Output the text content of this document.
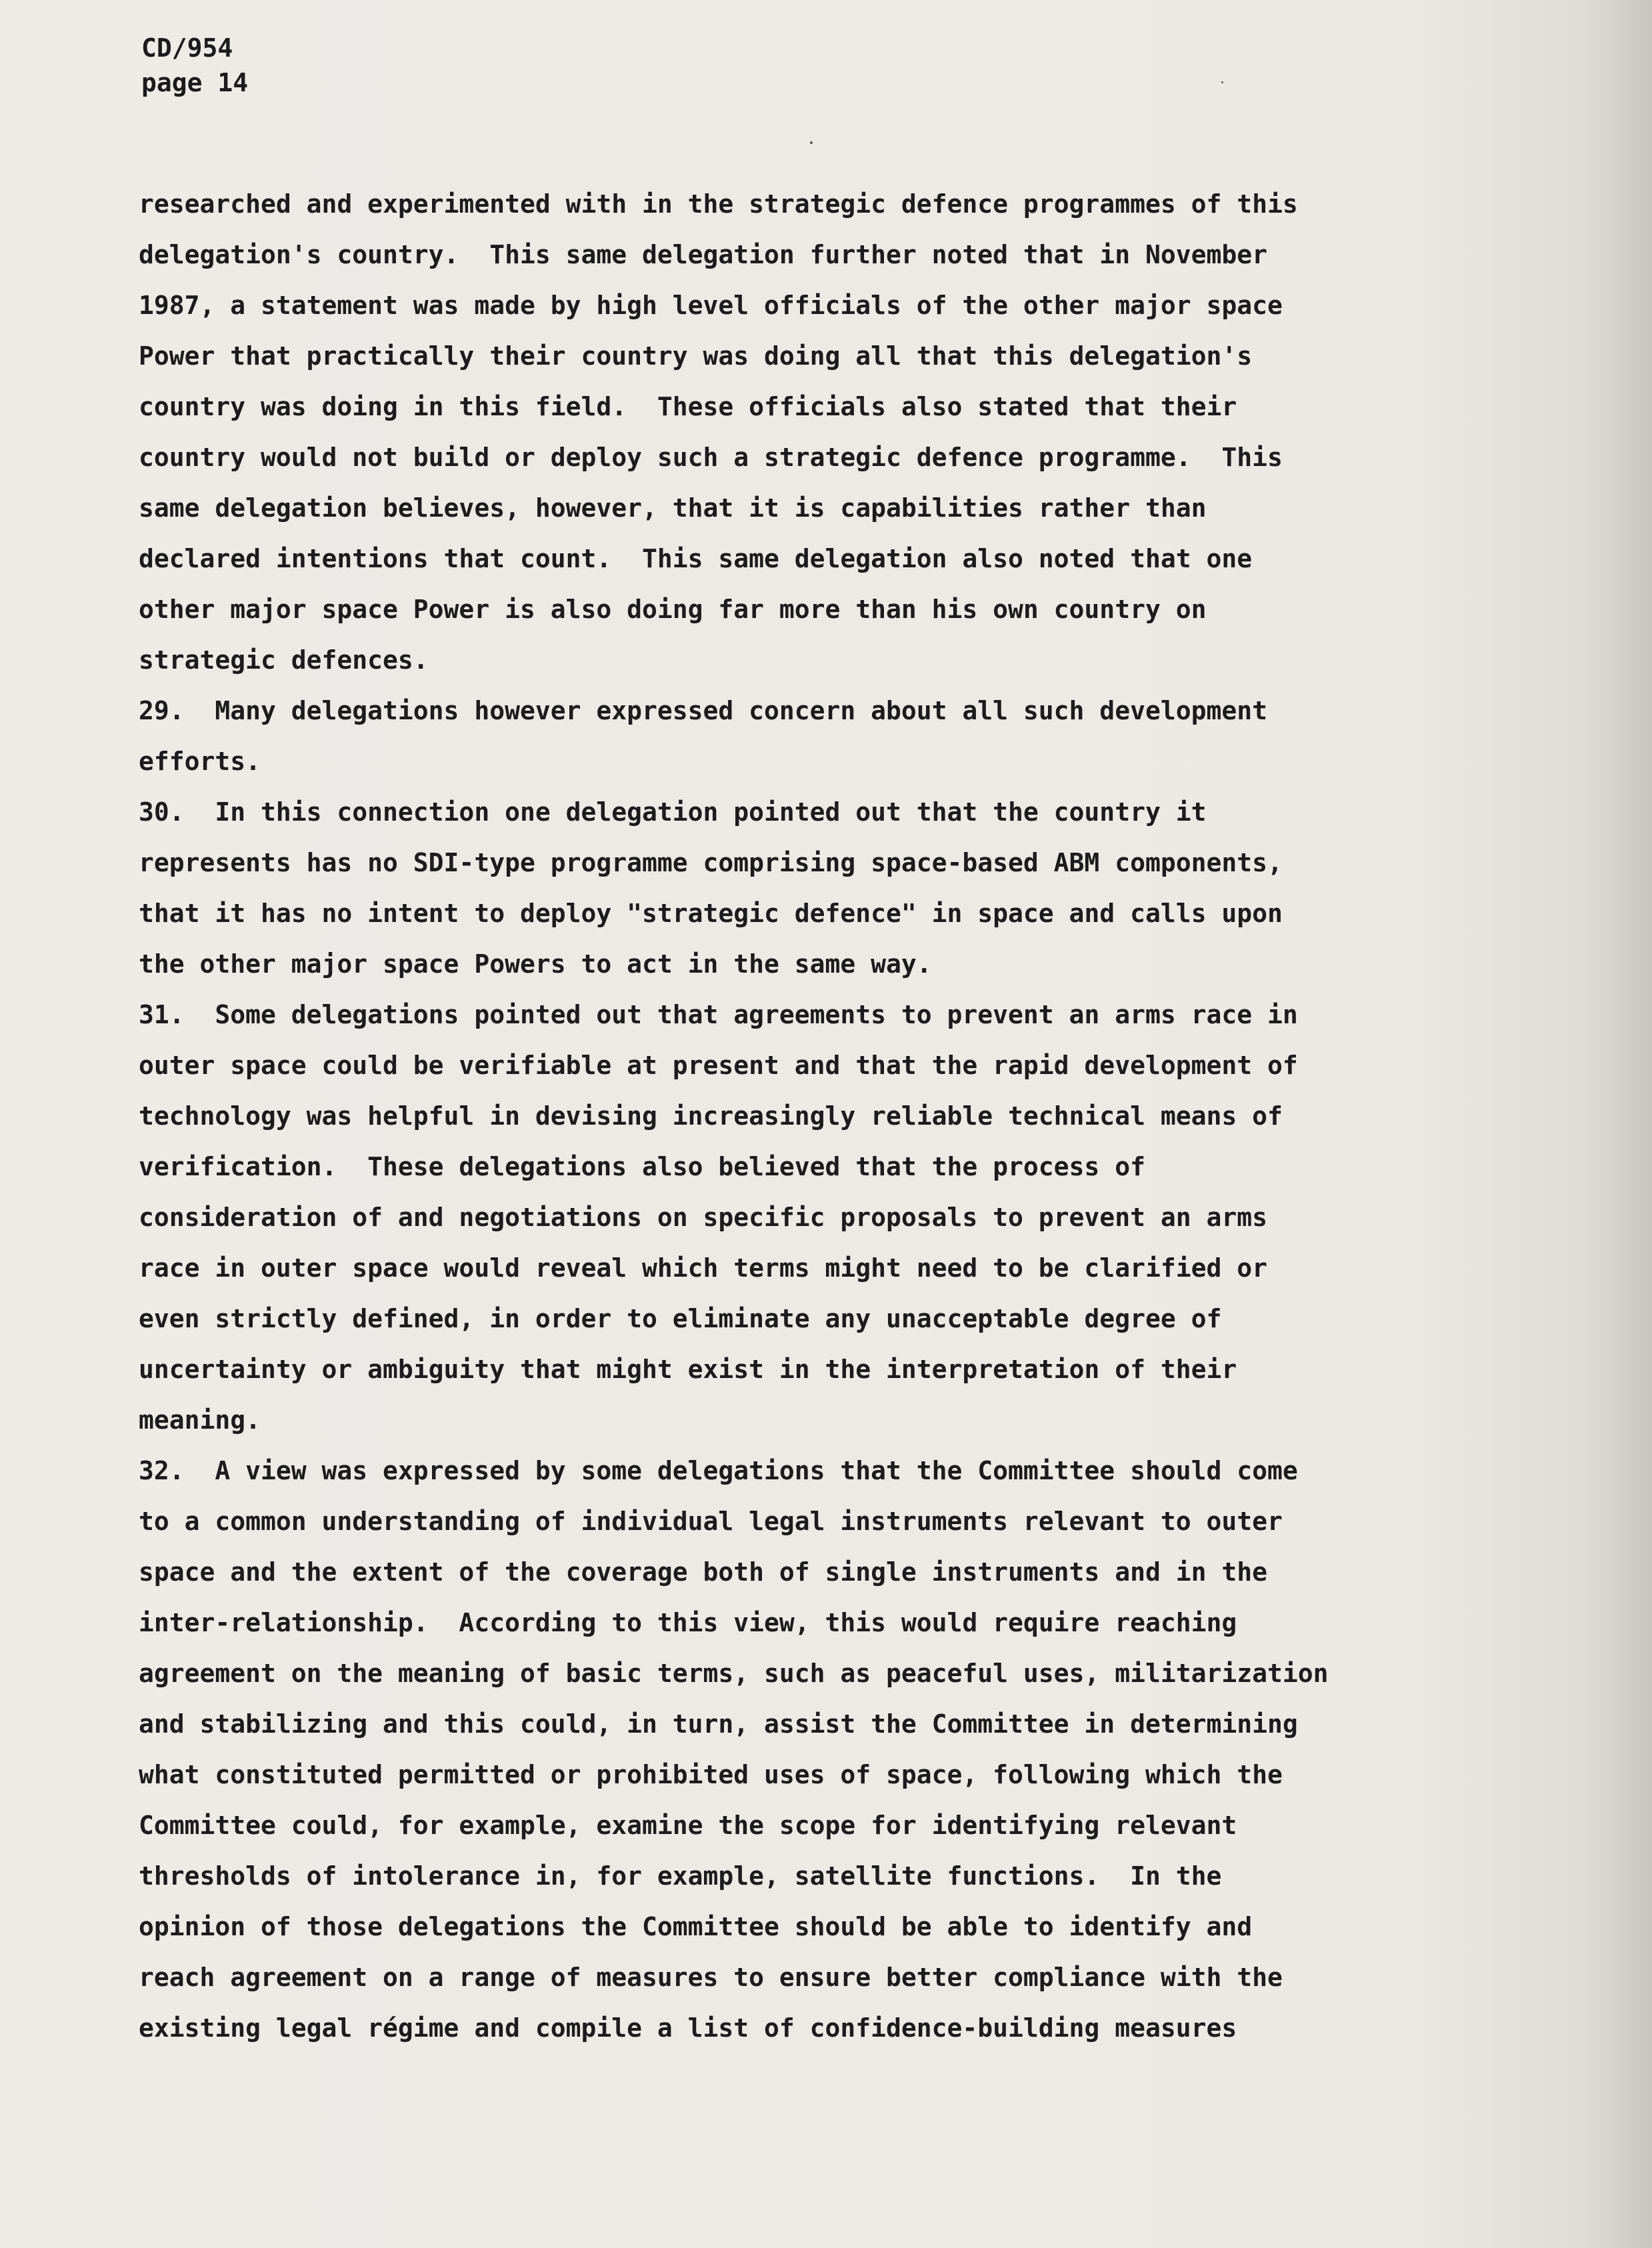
CD/954
page 14
researched and experimented with in the strategic defence programmes of this
delegation's country.  This same delegation further noted that in November
1987, a statement was made by high level officials of the other major space
Power that practically their country was doing all that this delegation's
country was doing in this field.  These officials also stated that their
country would not build or deploy such a strategic defence programme.  This
same delegation believes, however, that it is capabilities rather than
declared intentions that count.  This same delegation also noted that one
other major space Power is also doing far more than his own country on
strategic defences.
29.  Many delegations however expressed concern about all such development
efforts.
30.  In this connection one delegation pointed out that the country it
represents has no SDI-type programme comprising space-based ABM components,
that it has no intent to deploy "strategic defence" in space and calls upon
the other major space Powers to act in the same way.
31.  Some delegations pointed out that agreements to prevent an arms race in
outer space could be verifiable at present and that the rapid development of
technology was helpful in devising increasingly reliable technical means of
verification.  These delegations also believed that the process of
consideration of and negotiations on specific proposals to prevent an arms
race in outer space would reveal which terms might need to be clarified or
even strictly defined, in order to eliminate any unacceptable degree of
uncertainty or ambiguity that might exist in the interpretation of their
meaning.
32.  A view was expressed by some delegations that the Committee should come
to a common understanding of individual legal instruments relevant to outer
space and the extent of the coverage both of single instruments and in the
inter-relationship.  According to this view, this would require reaching
agreement on the meaning of basic terms, such as peaceful uses, militarization
and stabilizing and this could, in turn, assist the Committee in determining
what constituted permitted or prohibited uses of space, following which the
Committee could, for example, examine the scope for identifying relevant
thresholds of intolerance in, for example, satellite functions.  In the
opinion of those delegations the Committee should be able to identify and
reach agreement on a range of measures to ensure better compliance with the
existing legal régime and compile a list of confidence-building measures
